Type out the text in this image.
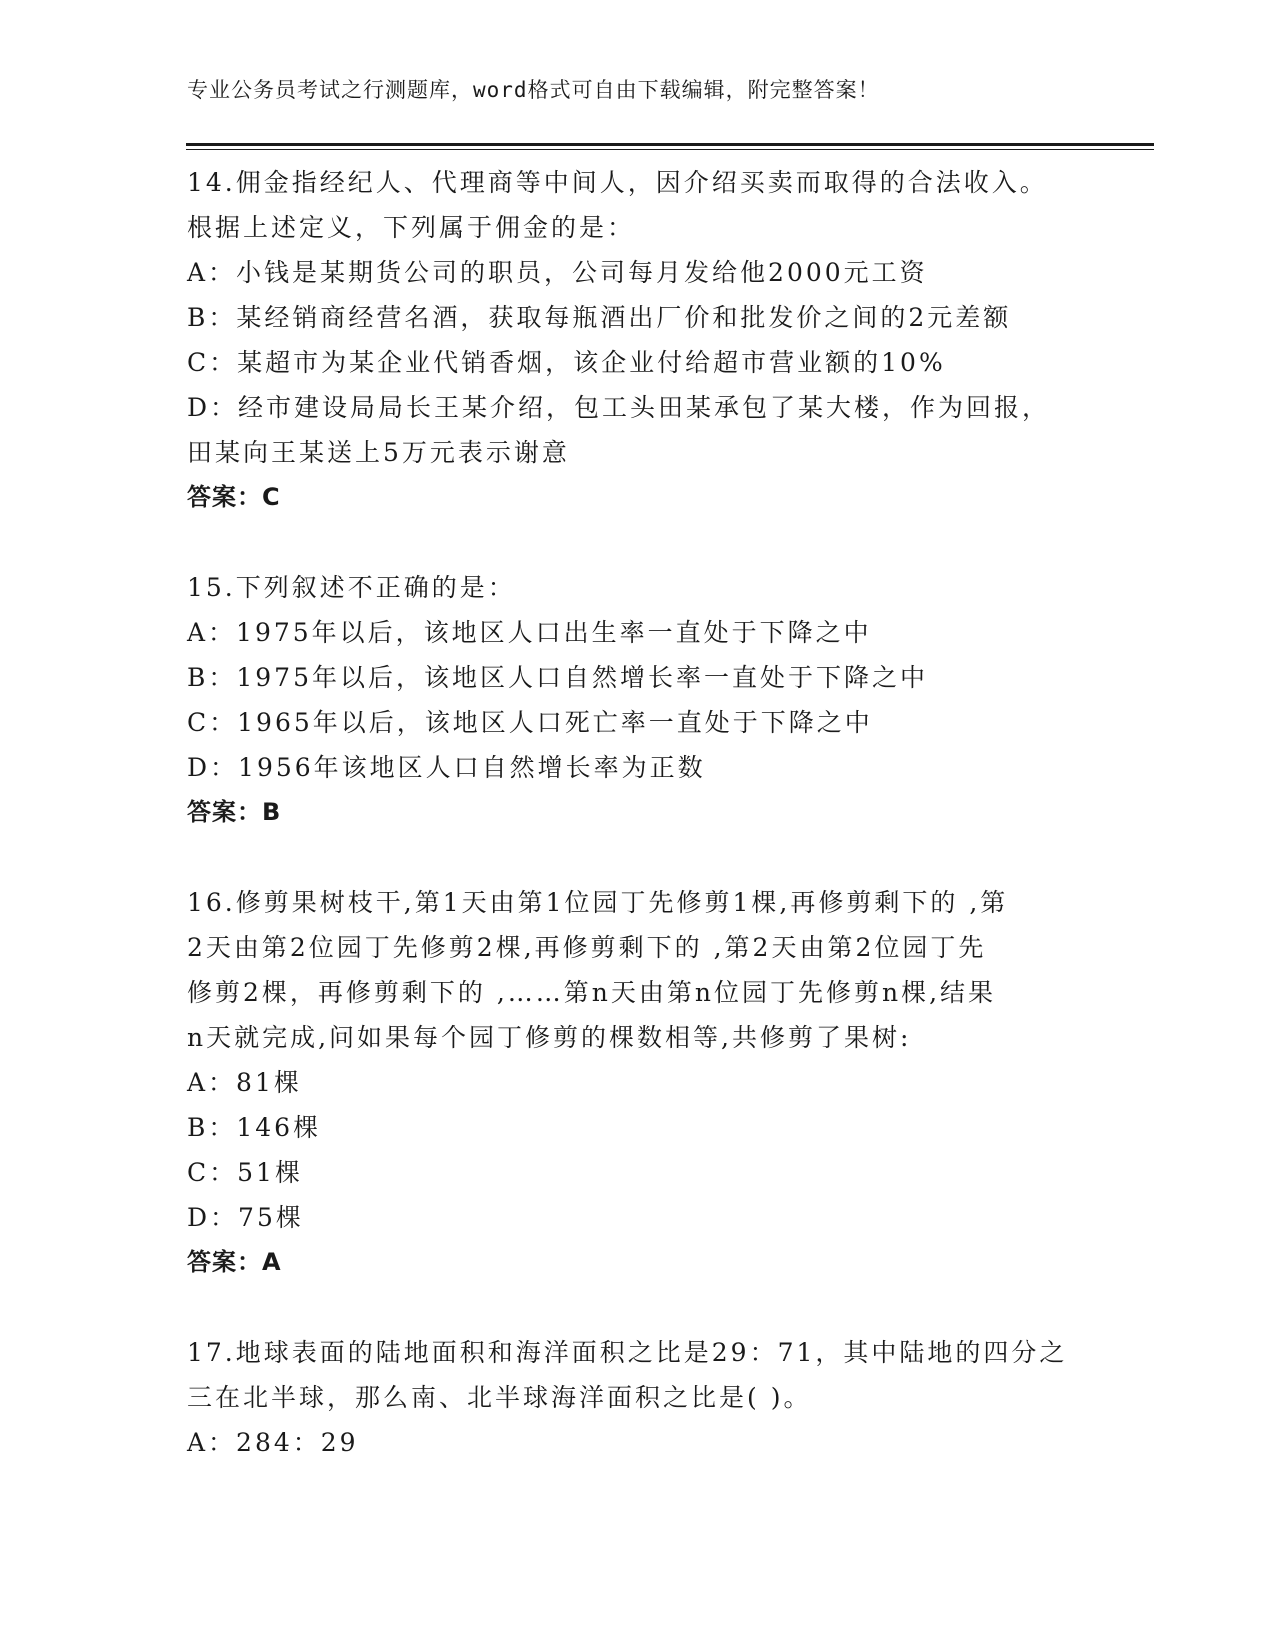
专业公务员考试之行测题库，word格式可自由下载编辑，附完整答案！
14.佣金指经纪人、代理商等中间人，因介绍买卖而取得的合法收入。
根据上述定义，下列属于佣金的是：
A：小钱是某期货公司的职员，公司每月发给他2000元工资
B：某经销商经营名酒，获取每瓶酒出厂价和批发价之间的2元差额
C：某超市为某企业代销香烟，该企业付给超市营业额的10%
D：经市建设局局长王某介绍，包工头田某承包了某大楼，作为回报，
田某向王某送上5万元表示谢意
答案：C
15.下列叙述不正确的是：
A：1975年以后，该地区人口出生率一直处于下降之中
B：1975年以后，该地区人口自然增长率一直处于下降之中
C：1965年以后，该地区人口死亡率一直处于下降之中
D：1956年该地区人口自然增长率为正数
答案：B
16.修剪果树枝干,第1天由第1位园丁先修剪1棵,再修剪剩下的 ,第
2天由第2位园丁先修剪2棵,再修剪剩下的 ,第2天由第2位园丁先
修剪2棵，再修剪剩下的 ,……第n天由第n位园丁先修剪n棵,结果
n天就完成,问如果每个园丁修剪的棵数相等,共修剪了果树:
A：81棵
B：146棵
C：51棵
D：75棵
答案：A
17.地球表面的陆地面积和海洋面积之比是29：71，其中陆地的四分之
三在北半球，那么南、北半球海洋面积之比是( )。
A：284：29
